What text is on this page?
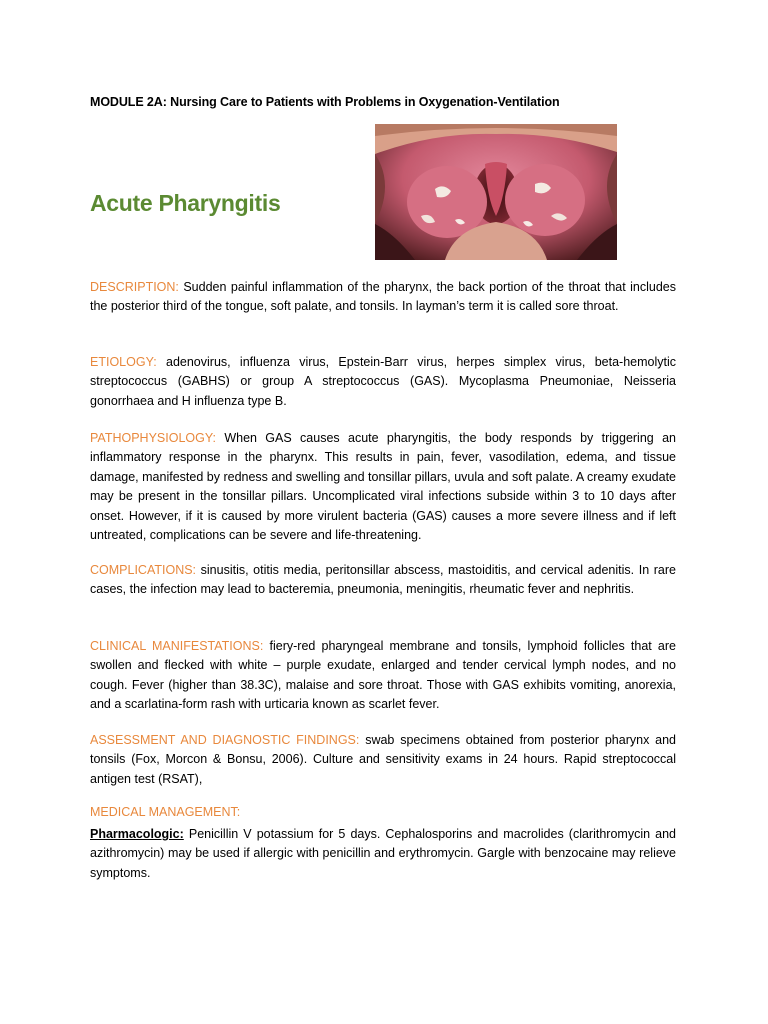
MODULE 2A: Nursing Care to Patients with Problems in Oxygenation-Ventilation
Acute Pharyngitis

DESCRIPTION: Sudden painful inflammation of the pharynx, the back portion of the throat that includes the posterior third of the tongue, soft palate, and tonsils. In layman’s term it is called sore throat.

ETIOLOGY: adenovirus, influenza virus, Epstein-Barr virus, herpes simplex virus, beta-hemolytic streptococcus (GABHS) or group A streptococcus (GAS). Mycoplasma Pneumoniae, Neisseria gonorrhaea and H influenza type B.

PATHOPHYSIOLOGY: When GAS causes acute pharyngitis, the body responds by triggering an inflammatory response in the pharynx. This results in pain, fever, vasodilation, edema, and tissue damage, manifested by redness and swelling and tonsillar pillars, uvula and soft palate. A creamy exudate may be present in the tonsillar pillars. Uncomplicated viral infections subside within 3 to 10 days after onset. However, if it is caused by more virulent bacteria (GAS) causes a more severe illness and if left untreated, complications can be severe and life-threatening.

COMPLICATIONS: sinusitis, otitis media, peritonsillar abscess, mastoiditis, and cervical adenitis. In rare cases, the infection may lead to bacteremia, pneumonia, meningitis, rheumatic fever and nephritis.

CLINICAL MANIFESTATIONS: fiery-red pharyngeal membrane and tonsils, lymphoid follicles that are swollen and flecked with white – purple exudate, enlarged and tender cervical lymph nodes, and no cough. Fever (higher than 38.3C), malaise and sore throat. Those with GAS exhibits vomiting, anorexia, and a scarlatina-form rash with urticaria known as scarlet fever.

ASSESSMENT AND DIAGNOSTIC FINDINGS: swab specimens obtained from posterior pharynx and tonsils (Fox, Morcon & Bonsu, 2006). Culture and sensitivity exams in 24 hours. Rapid streptococcal antigen test (RSAT),

MEDICAL MANAGEMENT:

Pharmacologic: Penicillin V potassium for 5 days. Cephalosporins and macrolides (clarithromycin and azithromycin) may be used if allergic with penicillin and erythromycin. Gargle with benzocaine may relieve symptoms.
